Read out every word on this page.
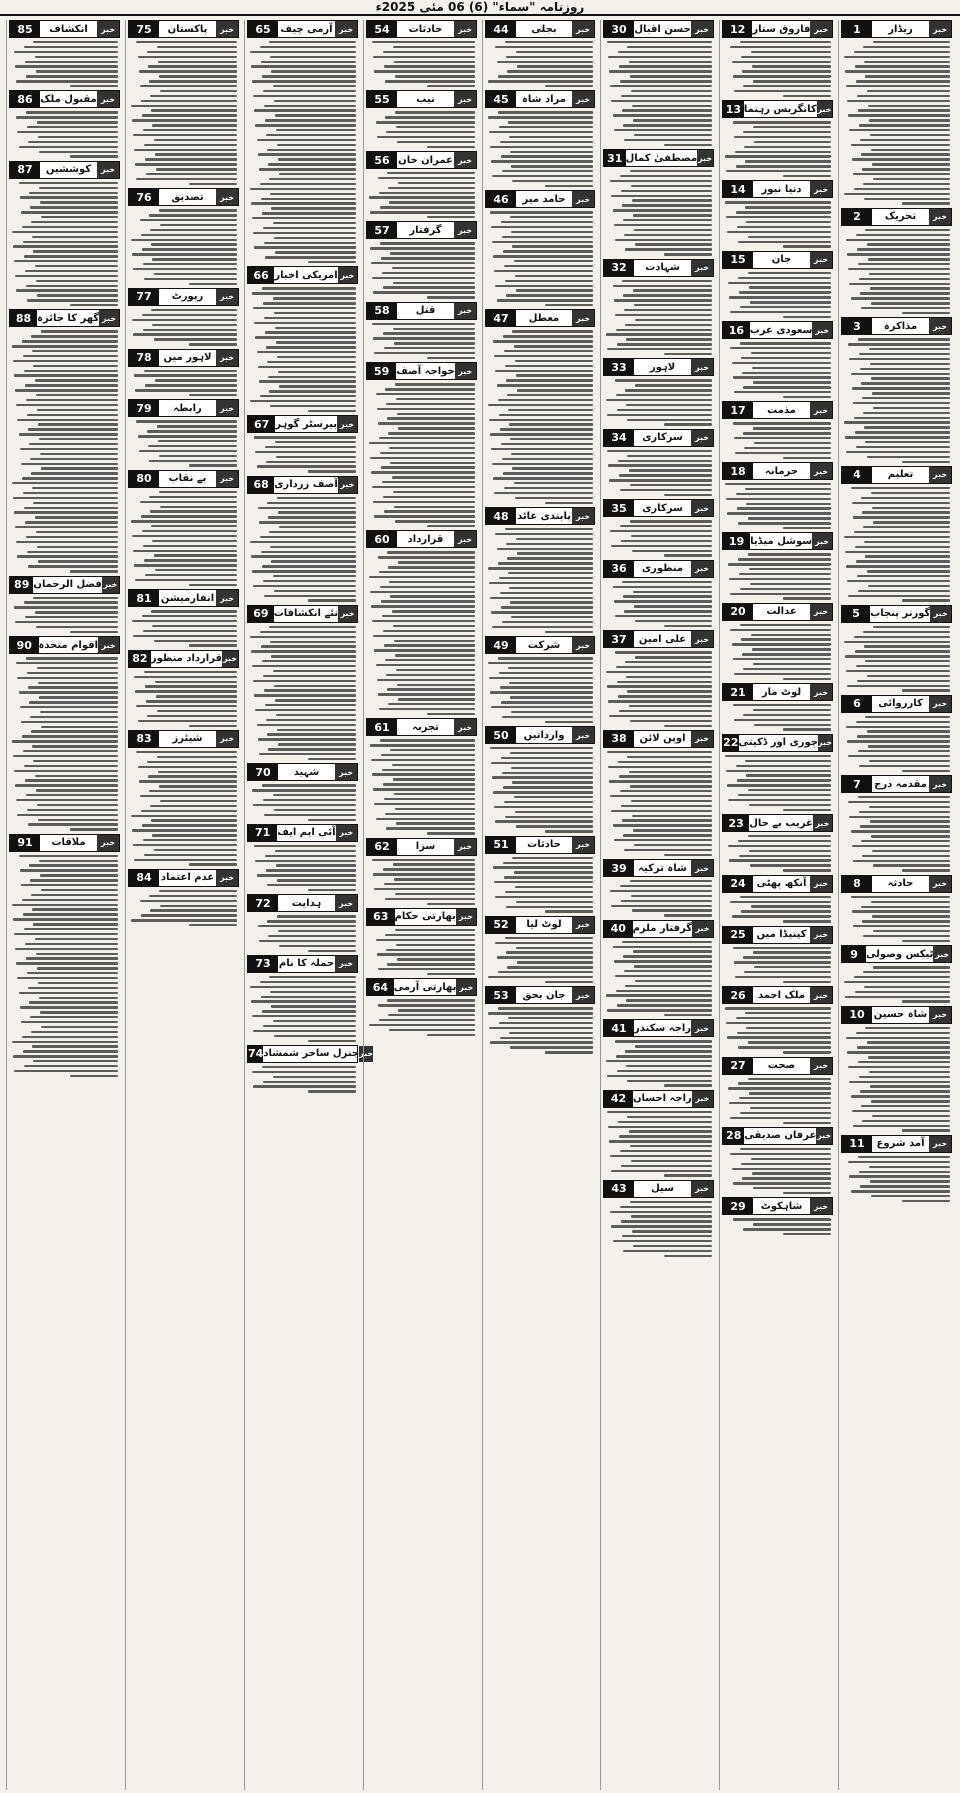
روزنامہ "سماء" (6) 06 مئی 2025ء
1	ریڈار	خبر
2	تحریک	خبر
3	مذاکرہ	خبر
4	تعلیم	خبر
5	گورنر پنجاب خبر
6	کارروائی	خبر
7	مقدمہ درج خبر
8	حادثہ	خبر
9 ٹیکس وصولی خبر
10 شاہ حسین خبر
11	آمد شروع	خبر
12 فاروق ستار خبر
13 کانگریس رہنما خبر
14	دنیا نیوز	خبر
15	جان	خبر
16 سعودی عرب خبر
17	مذمت	خبر
18	جرمانہ	خبر
19 سوشل میڈیا خبر
20	عدالت	خبر
21	لوٹ مار	خبر
22 چوری اور ڈکیتی خبر
23 غریب بے حال خبر
24	آنکھ پھٹی خبر
25	کینیڈا میں خبر
26	ملک احمد	خبر
27	صحت	خبر
28 عرفان صدیقی خبر
29	شاہکوٹ	خبر
30 حسن اقبال خبر
31 مصطفیٰ کمال خبر
32	شہادت	خبر
33	لاہور	خبر
34	سرکاری	خبر
35	سرکاری	خبر
36	منظوری	خبر
37	علی امین	خبر
38	اوپن لائن	خبر
39	شاہ ترکیہ	خبر
40 گرفتار ملزم خبر
41 راجہ سکندر خبر
42 راجہ احسان خبر
43	سیل	خبر
44	بجلی	خبر
45	مراد شاہ	خبر
46	حامد میر	خبر
47	معطل	خبر
48 پابندی عائد خبر
49	شرکت	خبر
50	وارداتیں	خبر
51	حادثات	خبر
52	لوٹ لیا	خبر
53	جان بحق	خبر
54	حادثات	خبر
55	نیب	خبر
56 عمران خان خبر
57	گرفتار	خبر
58	قتل	خبر
59 خواجہ آصف خبر
60	قرارداد	خبر
61	تجربہ	خبر
62	سزا	خبر
63 بھارتی حکام خبر
64 بھارتی آرمی خبر
65 آرمی چیف خبر
66 امریکی اخبار خبر
67 بیرسٹر گوہر خبر
68 آصف زرداری خبر
69 نئے انکشافات خبر
70	شہید	خبر
71 آئی ایم ایف خبر
72	ہدایت	خبر
73 حملہ کا نام خبر
74 جنرل ساحر شمشاد خبر
75	پاکستان	خبر
76	تصدیق	خبر
77	رپورٹ	خبر
78	لاہور میں	خبر
79	رابطہ	خبر
80	بے نقاب	خبر
81 انفارمیشن خبر
82 قرارداد منظور خبر
83	شیئرز	خبر
84 عدم اعتماد خبر
85	انکشاف	خبر
86 مقبول ملک خبر
87	کوششیں	خبر
88 گھر کا جائزہ خبر
89 فضل الرحمان خبر
90 اقوام متحدہ خبر
91	ملاقات	خبر
